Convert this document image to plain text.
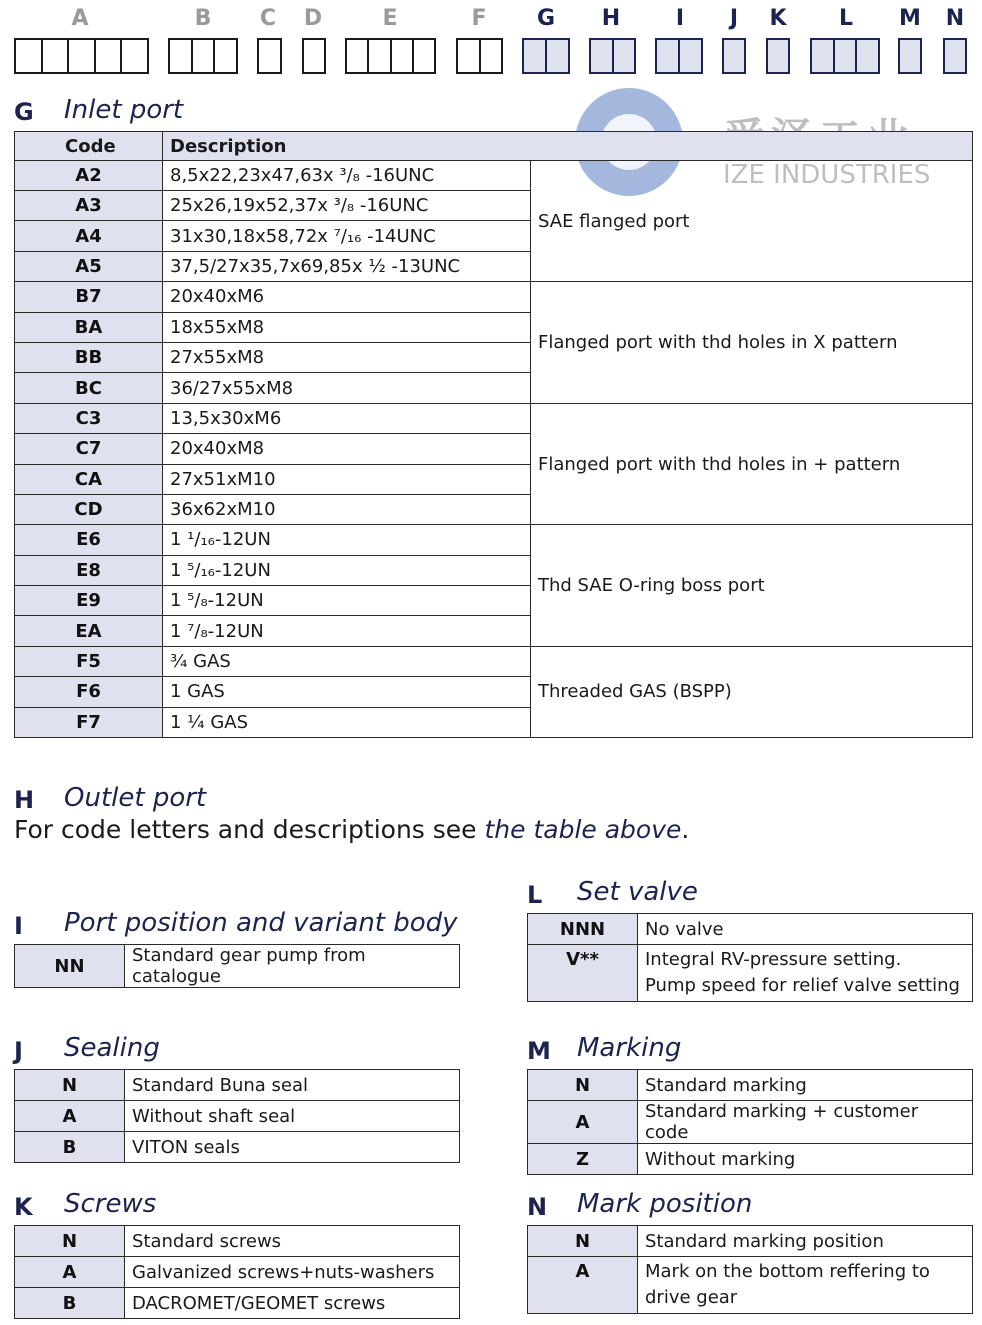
A	B	C	D	E	F	G H	I	J	K	L	M N
IZE INDUSTRIES
G Inlet port
Code	Description	
A2	8,5x22,23x47,63x ³/₈ -16UNC	SAE flanged port
A3	25x26,19x52,37x ³/₈ -16UNC	
A4	31x30,18x58,72x ⁷/₁₆ -14UNC	
A5	37,5/27x35,7x69,85x ½ -13UNC	
B7	20x40xM6	Flanged port with thd holes in X pattern
BA	18x55xM8	
BB	27x55xM8	
BC	36/27x55xM8	
C3	13,5x30xM6	Flanged port with thd holes in + pattern
C7	20x40xM8	
CA	27x51xM10	
CD	36x62xM10	
E6	1 ¹/₁₆-12UN	Thd SAE O-ring boss port
E8	1 ⁵/₁₆-12UN	
E9	1 ⁵/₈-12UN	
EA	1 ⁷/₈-12UN	
F5	¾ GAS	Threaded GAS (BSPP)
F6	1 GAS	
F7	1 ¼ GAS	
H Outlet port
For code letters and descriptions see the table above.
I Port position and variant body
NN	Standard gear pump from catalogue
L Set valve
NNN	No valve
V**	Integral RV-pressure setting.
Pump speed for relief valve setting
J Sealing
N	Standard Buna seal
A	Without shaft seal
B	VITON seals
M Marking
N	Standard marking
A	Standard marking + customer code
Z	Without marking
K Screws
N	Standard screws
A	Galvanized screws+nuts-washers
B	DACROMET/GEOMET screws
N Mark position
N	Standard marking position
A	Mark on the bottom reffering to
drive gear
